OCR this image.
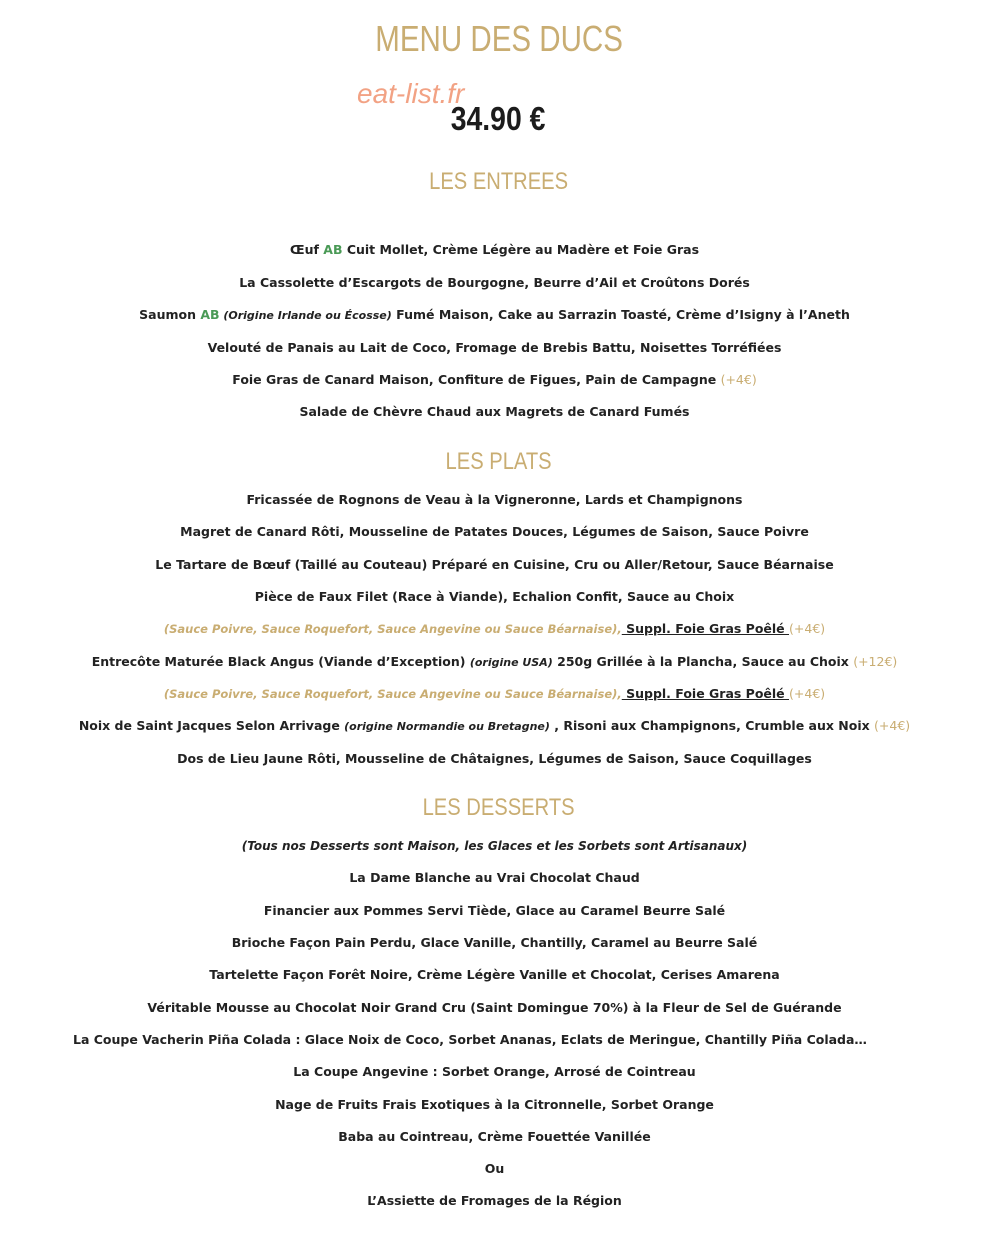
MENU DES DUCS
34.90 €
eat-list.fr
LES ENTREES
Œuf AB Cuit Mollet, Crème Légère au Madère et Foie Gras
La Cassolette d’Escargots de Bourgogne, Beurre d’Ail et Croûtons Dorés
Saumon AB (Origine Irlande ou Écosse) Fumé Maison, Cake au Sarrazin Toasté, Crème d’Isigny à l’Aneth
Velouté de Panais au Lait de Coco, Fromage de Brebis Battu, Noisettes Torréfiées
Foie Gras de Canard Maison, Confiture de Figues, Pain de Campagne (+4€)
Salade de Chèvre Chaud aux Magrets de Canard Fumés
LES PLATS
Fricassée de Rognons de Veau à la Vigneronne, Lards et Champignons
Magret de Canard Rôti, Mousseline de Patates Douces, Légumes de Saison, Sauce Poivre
Le Tartare de Bœuf (Taillé au Couteau) Préparé en Cuisine, Cru ou Aller/Retour, Sauce Béarnaise
Pièce de Faux Filet (Race à Viande), Echalion Confit, Sauce au Choix
(Sauce Poivre, Sauce Roquefort, Sauce Angevine ou Sauce Béarnaise), Suppl. Foie Gras Poêlé (+4€)
Entrecôte Maturée Black Angus (Viande d’Exception) (origine USA) 250g Grillée à la Plancha, Sauce au Choix (+12€)
(Sauce Poivre, Sauce Roquefort, Sauce Angevine ou Sauce Béarnaise), Suppl. Foie Gras Poêlé (+4€)
Noix de Saint Jacques Selon Arrivage (origine Normandie ou Bretagne) , Risoni aux Champignons, Crumble aux Noix (+4€)
Dos de Lieu Jaune Rôti, Mousseline de Châtaignes, Légumes de Saison, Sauce Coquillages
LES DESSERTS
(Tous nos Desserts sont Maison, les Glaces et les Sorbets sont Artisanaux)
La Dame Blanche au Vrai Chocolat Chaud
Financier aux Pommes Servi Tiède, Glace au Caramel Beurre Salé
Brioche Façon Pain Perdu, Glace Vanille, Chantilly, Caramel au Beurre Salé
Tartelette Façon Forêt Noire, Crème Légère Vanille et Chocolat, Cerises Amarena
Véritable Mousse au Chocolat Noir Grand Cru (Saint Domingue 70%) à la Fleur de Sel de Guérande
La Coupe Vacherin Piña Colada : Glace Noix de Coco, Sorbet Ananas, Eclats de Meringue, Chantilly Piña Colada…
La Coupe Angevine : Sorbet Orange, Arrosé de Cointreau
Nage de Fruits Frais Exotiques à la Citronnelle, Sorbet Orange
Baba au Cointreau, Crème Fouettée Vanillée
Ou
L’Assiette de Fromages de la Région
